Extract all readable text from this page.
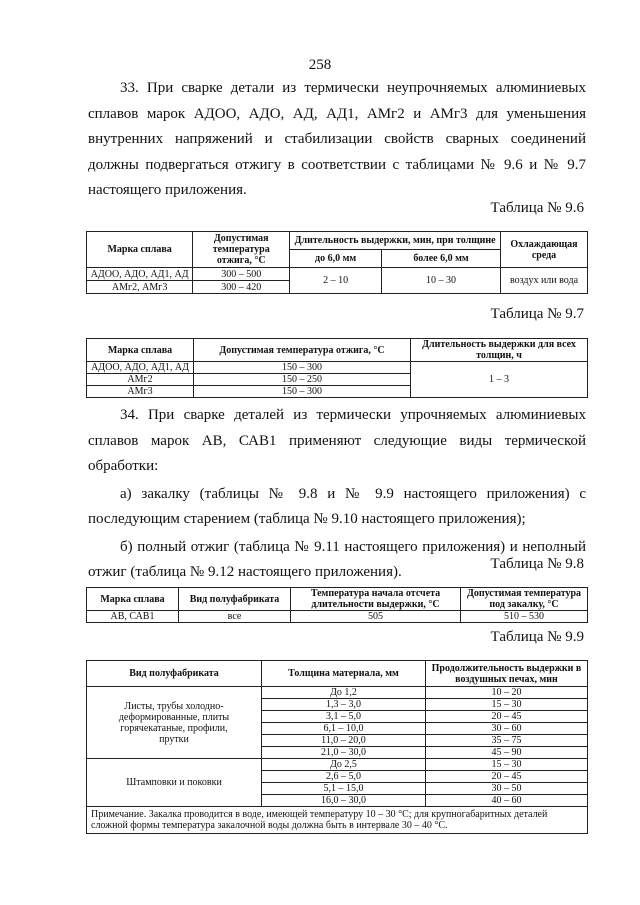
258

33. При сварке детали из термически неупрочняемых алюминиевых сплавов марок АДОО, АДО, АД, АД1, АМг2 и АМг3 для уменьшения внутренних напряжений и стабилизации свойств сварных соединений должны подвергаться отжигу в соответствии с таблицами № 9.6 и № 9.7 настоящего приложения.

Таблица № 9.6
Марка сплава	Допустимая температура отжига, °С	Длительность выдержки, мин, при толщине		Охлаждающая среда
		до 6,0 мм	более 6,0 мм	
АДОО, АДО, АД1, АД	300 – 500	2 – 10	10 – 30	воздух или вода
АМг2, АМг3	300 – 420			
Таблица № 9.7
Марка сплава	Допустимая температура отжига, °С	Длительность выдержки для всех толщин, ч
АДОО, АДО, АД1, АД	150 – 300	1 – 3
АМг2	150 – 250	
АМг3	150 – 300	

34. При сварке деталей из термически упрочняемых алюминиевых сплавов марок АВ, САВ1 применяют следующие виды термической обработки:

а) закалку (таблицы № 9.8 и № 9.9 настоящего приложения) с последующим старением (таблица № 9.10 настоящего приложения);

б) полный отжиг (таблица № 9.11 настоящего приложения) и неполный отжиг (таблица № 9.12 настоящего приложения).	Таблица № 9.8
Марка сплава	Вид полуфабриката	Температура начала отсчета длительности выдержки, °С	Допустимая температура под закалку, °С
АВ, САВ1	все	505	510 – 530
Таблица № 9.9
Вид полуфабриката	Толщина материала, мм	Продолжительность выдержки в воздушных печах, мин
Листы, трубы холодно-деформированные, плиты горячекатаные, профили, прутки	До 1,2	10 – 20
	1,3 – 3,0	15 – 30
	3,1 – 5,0	20 – 45
	6,1 – 10,0	30 – 60
	11,0 – 20,0	35 – 75
	21,0 – 30,0	45 – 90
Штамповки и поковки	До 2,5	15 – 30
	2,6 – 5,0	20 – 45
	5,1 – 15,0	30 – 50
	16,0 – 30,0	40 – 60
Примечание. Закалка проводится в воде, имеющей температуру 10 – 30 °С; для крупногабаритных деталей сложной формы температура закалочной воды должна быть в интервале 30 – 40 °С.		
